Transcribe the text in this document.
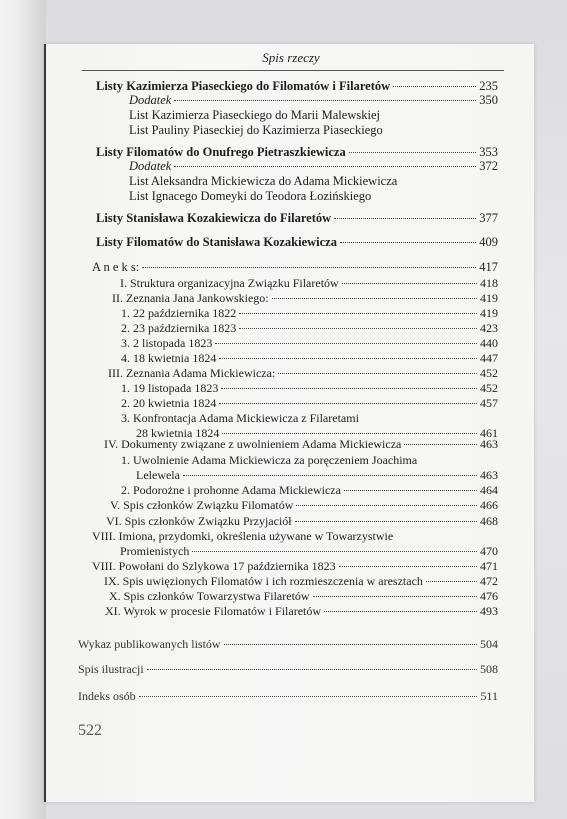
Spis rzeczy
Listy Kazimierza Piaseckiego do Filomatów i Filaretów	235
Dodatek	350
List Kazimierza Piaseckiego do Marii Malewskiej
List Pauliny Piaseckiej do Kazimierza Piaseckiego
Listy Filomatów do Onufrego Pietraszkiewicza	353
Dodatek	372
List Aleksandra Mickiewicza do Adama Mickiewicza
List Ignacego Domeyki do Teodora Łozińskiego
Listy Stanisława Kozakiewicza do Filaretów	377
Listy Filomatów do Stanisława Kozakiewicza	409
A n e k s:	417
I. Struktura organizacyjna Związku Filaretów	418
II. Zeznania Jana Jankowskiego:	419
1. 22 października 1822	419
2. 23 października 1823	423
3. 2 listopada 1823	440
4. 18 kwietnia 1824	447
III. Zeznania Adama Mickiewicza:	452
1. 19 listopada 1823	452
2. 20 kwietnia 1824	457
3. Konfrontacja Adama Mickiewicza z Filaretami
28 kwietnia 1824	461
IV. Dokumenty związane z uwolnieniem Adama Mickiewicza	463
1. Uwolnienie Adama Mickiewicza za poręczeniem Joachima
Lelewela	463
2. Podorożne i prohonne Adama Mickiewicza	464
V. Spis członków Związku Filomatów	466
VI. Spis członków Związku Przyjaciół	468
VIII. Imiona, przydomki, określenia używane w Towarzystwie
Promienistych	470
VIII. Powołani do Szlykowa 17 października 1823	471
IX. Spis uwięzionych Filomatów i ich rozmieszczenia w aresztach	472
X. Spis członków Towarzystwa Filaretów	476
XI. Wyrok w procesie Filomatów i Filaretów	493
Wykaz publikowanych listów	504
Spis ilustracji	508
Indeks osób	511
522
